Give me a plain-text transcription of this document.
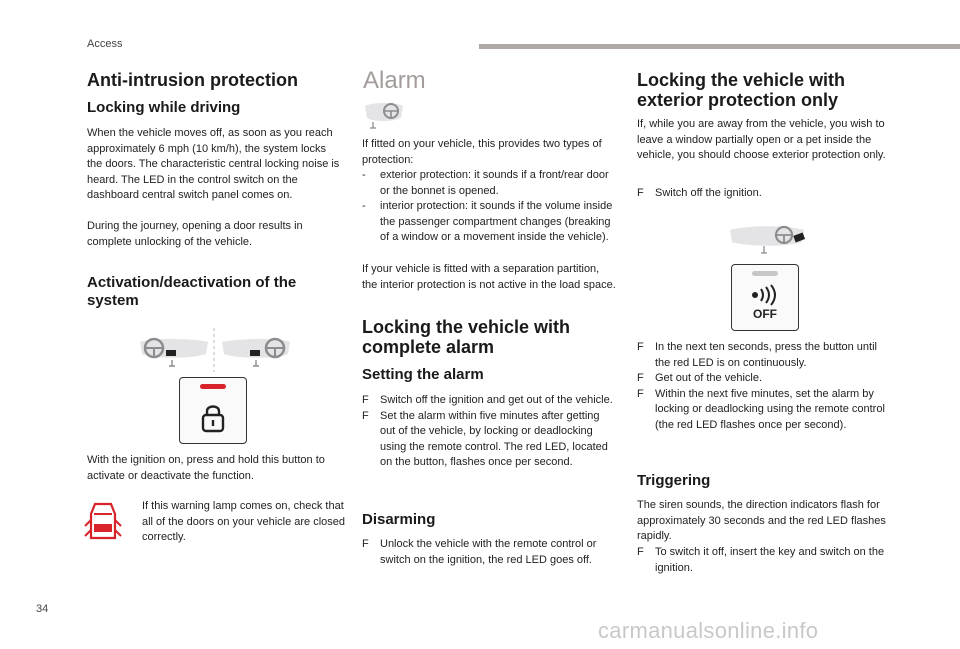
Access
Anti-intrusion protection
Locking while driving

When the vehicle moves off, as soon as you reach approximately 6 mph (10 km/h), the system locks the doors. The characteristic central locking noise is heard. The LED in the control switch on the dashboard central switch panel comes on.

During the journey, opening a door results in complete unlocking of the vehicle.

Activation/deactivation of the
system

With the ignition on, press and hold this button to activate or deactivate the function.

If this warning lamp comes on, check that all of the doors on your vehicle are closed correctly.

Alarm

If fitted on your vehicle, this provides two types of protection:

- exterior protection: it sounds if a front/rear door or the bonnet is opened.

- interior protection: it sounds if the volume inside the passenger compartment changes (breaking of a window or a movement inside the vehicle).

If your vehicle is fitted with a separation partition, the interior protection is not active in the load space.

Locking the vehicle with
complete alarm
Setting the alarm

F Switch off the ignition and get out of the vehicle.

F Set the alarm within five minutes after getting out of the vehicle, by locking or deadlocking using the remote control. The red LED, located on the button, flashes once per second.

Disarming

F Unlock the vehicle with the remote control or switch on the ignition, the red LED goes off.

Locking the vehicle with
exterior protection only

If, while you are away from the vehicle, you wish to leave a window partially open or a pet inside the vehicle, you should choose exterior protection only.

F Switch off the ignition.

OFF

F In the next ten seconds, press the button until the red LED is on continuously.

F Get out of the vehicle.

F Within the next five minutes, set the alarm by locking or deadlocking using the remote control (the red LED flashes once per second).

Triggering

The siren sounds, the direction indicators flash for approximately 30 seconds and the red LED flashes rapidly.

F To switch it off, insert the key and switch on the ignition.

34
carmanualsonline.info
